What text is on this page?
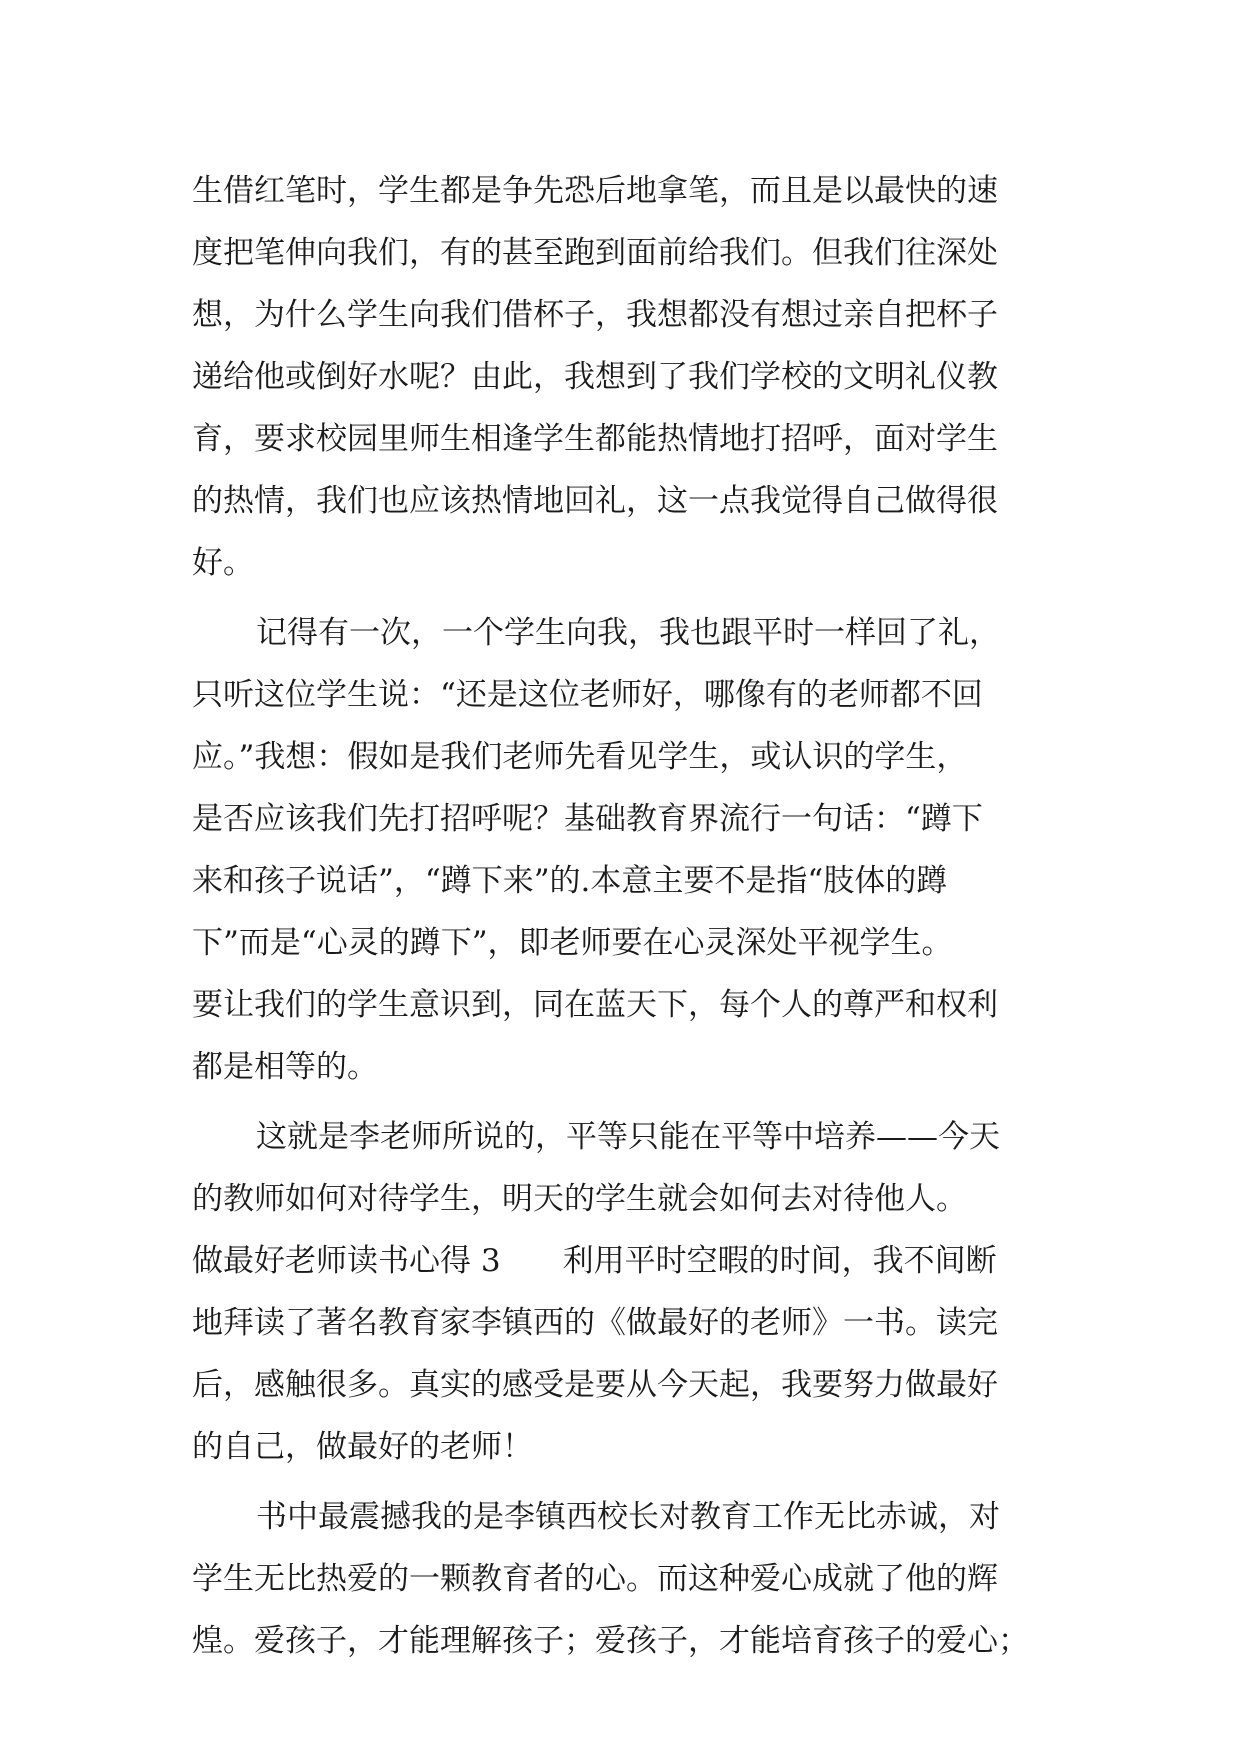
生借红笔时，学生都是争先恐后地拿笔，而且是以最快的速
度把笔伸向我们，有的甚至跑到面前给我们。但我们往深处
想，为什么学生向我们借杯子，我想都没有想过亲自把杯子
递给他或倒好水呢？由此，我想到了我们学校的文明礼仪教
育，要求校园里师生相逢学生都能热情地打招呼，面对学生
的热情，我们也应该热情地回礼，这一点我觉得自己做得很
好。
记得有一次，一个学生向我，我也跟平时一样回了礼，
只听这位学生说：“还是这位老师好，哪像有的老师都不回
应。”我想：假如是我们老师先看见学生，或认识的学生，
是否应该我们先打招呼呢？基础教育界流行一句话：“蹲下
来和孩子说话”，“蹲下来”的.本意主要不是指“肢体的蹲
下”而是“心灵的蹲下”，即老师要在心灵深处平视学生。
要让我们的学生意识到，同在蓝天下，每个人的尊严和权利
都是相等的。
这就是李老师所说的，平等只能在平等中培养——今天
的教师如何对待学生，明天的学生就会如何去对待他人。
做最好老师读书心得 3　　利用平时空暇的时间，我不间断
地拜读了著名教育家李镇西的《做最好的老师》一书。读完
后，感触很多。真实的感受是要从今天起，我要努力做最好
的自己，做最好的老师！
书中最震撼我的是李镇西校长对教育工作无比赤诚，对
学生无比热爱的一颗教育者的心。而这种爱心成就了他的辉
煌。爱孩子，才能理解孩子；爱孩子，才能培育孩子的爱心；
